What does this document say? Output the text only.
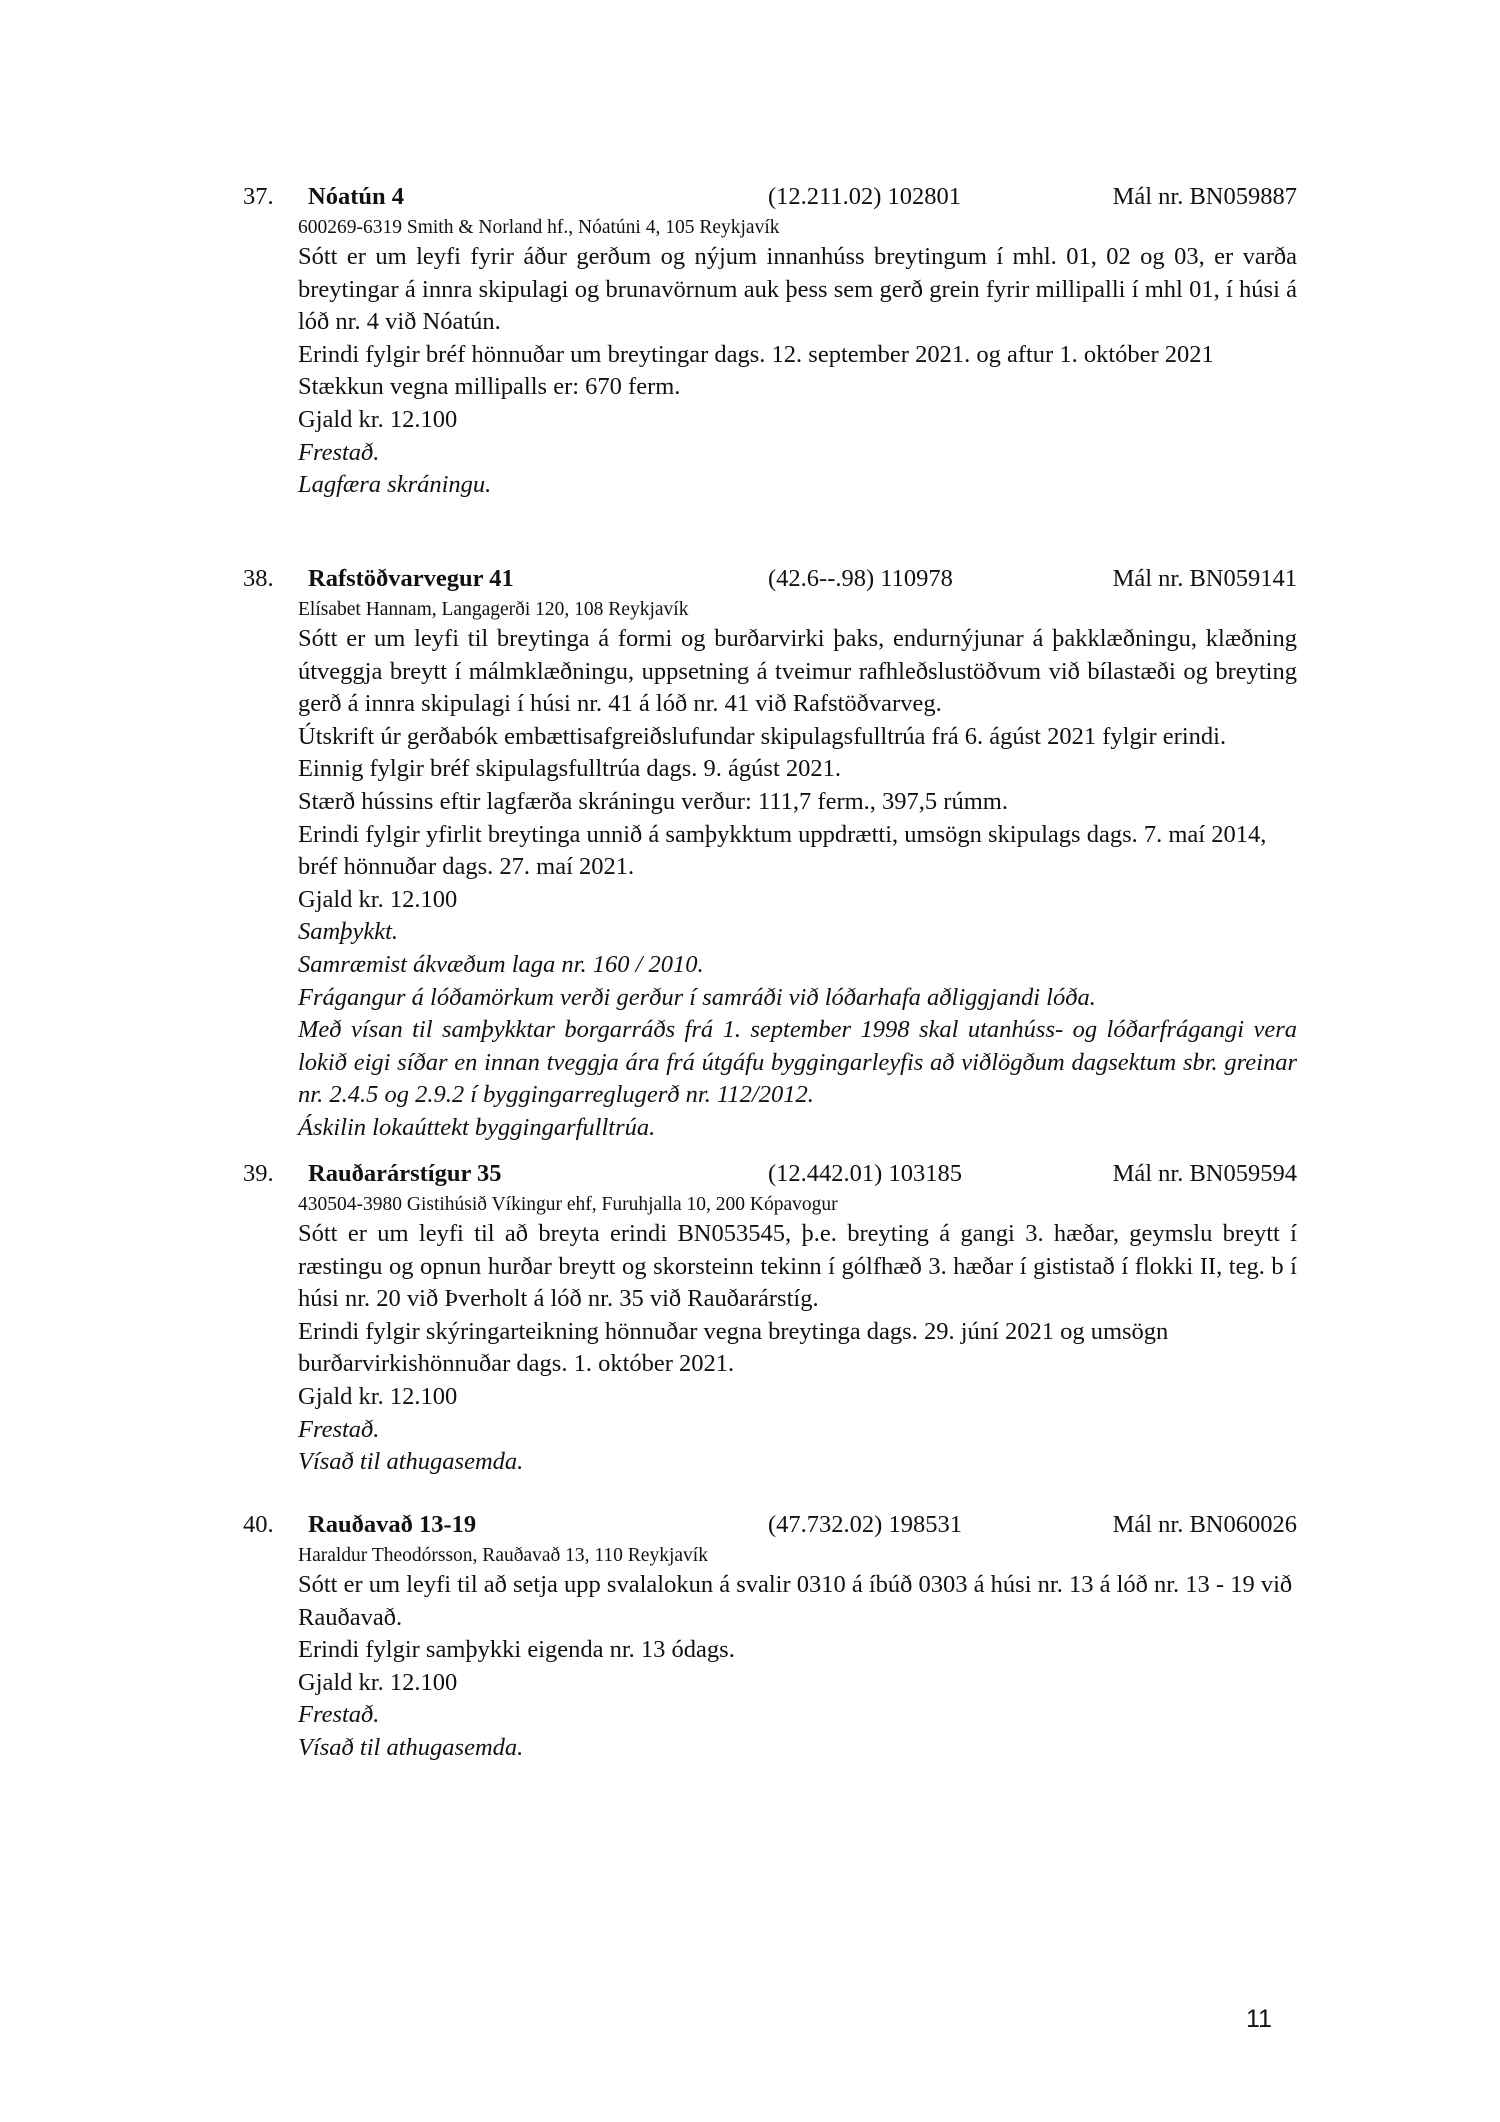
37. Nóatún 4	(12.211.02) 102801	Mál nr. BN059887
600269-6319 Smith & Norland hf., Nóatúni 4, 105 Reykjavík

Sótt er um leyfi fyrir áður gerðum og nýjum innanhúss breytingum í mhl. 01, 02 og 03, er varða breytingar á innra skipulagi og brunavörnum auk þess sem gerð grein fyrir millipalli í mhl 01, í húsi á lóð nr. 4 við Nóatún.

Erindi fylgir bréf hönnuðar um breytingar dags. 12. september 2021. og aftur 1. október 2021

Stækkun vegna millipalls er: 670 ferm.

Gjald kr. 12.100

Frestað.

Lagfæra skráningu.

38. Rafstöðvarvegur 41	(42.6--.98) 110978	Mál nr. BN059141
Elísabet Hannam, Langagerði 120, 108 Reykjavík

Sótt er um leyfi til breytinga á formi og burðarvirki þaks, endurnýjunar á þakklæðningu, klæðning útveggja breytt í málmklæðningu, uppsetning á tveimur rafhleðslustöðvum við bílastæði og breyting gerð á innra skipulagi í húsi nr. 41 á lóð nr. 41 við Rafstöðvarveg.

Útskrift úr gerðabók embættisafgreiðslufundar skipulagsfulltrúa frá 6. ágúst 2021 fylgir erindi. Einnig fylgir bréf skipulagsfulltrúa dags. 9. ágúst 2021.

Stærð hússins eftir lagfærða skráningu verður: 111,7 ferm., 397,5 rúmm.

Erindi fylgir yfirlit breytinga unnið á samþykktum uppdrætti, umsögn skipulags dags. 7. maí 2014, bréf hönnuðar dags. 27. maí 2021.

Gjald kr. 12.100

Samþykkt.

Samræmist ákvæðum laga nr. 160 / 2010.

Frágangur á lóðamörkum verði gerður í samráði við lóðarhafa aðliggjandi lóða.

Með vísan til samþykktar borgarráðs frá 1. september 1998 skal utanhúss- og lóðarfrágangi vera lokið eigi síðar en innan tveggja ára frá útgáfu byggingarleyfis að viðlögðum dagsektum sbr. greinar nr. 2.4.5 og 2.9.2 í byggingarreglugerð nr. 112/2012.

Áskilin lokaúttekt byggingarfulltrúa.

39. Rauðarárstígur 35	(12.442.01) 103185	Mál nr. BN059594
430504-3980 Gistihúsið Víkingur ehf, Furuhjalla 10, 200 Kópavogur

Sótt er um leyfi til að breyta erindi BN053545, þ.e. breyting á gangi 3. hæðar, geymslu breytt í ræstingu og opnun hurðar breytt og skorsteinn tekinn í gólfhæð 3. hæðar í gististað í flokki II, teg. b í húsi nr. 20 við Þverholt á lóð nr. 35 við Rauðarárstíg.

Erindi fylgir skýringarteikning hönnuðar vegna breytinga dags. 29. júní 2021 og umsögn burðarvirkishönnuðar dags. 1. október 2021.

Gjald kr. 12.100

Frestað.

Vísað til athugasemda.

40. Rauðavað 13-19	(47.732.02) 198531	Mál nr. BN060026
Haraldur Theodórsson, Rauðavað 13, 110 Reykjavík

Sótt er um leyfi til að setja upp svalalokun á svalir 0310 á íbúð 0303 á húsi nr. 13 á lóð nr. 13 - 19 við Rauðavað.

Erindi fylgir samþykki eigenda nr. 13 ódags.

Gjald kr. 12.100

Frestað.

Vísað til athugasemda.

11
